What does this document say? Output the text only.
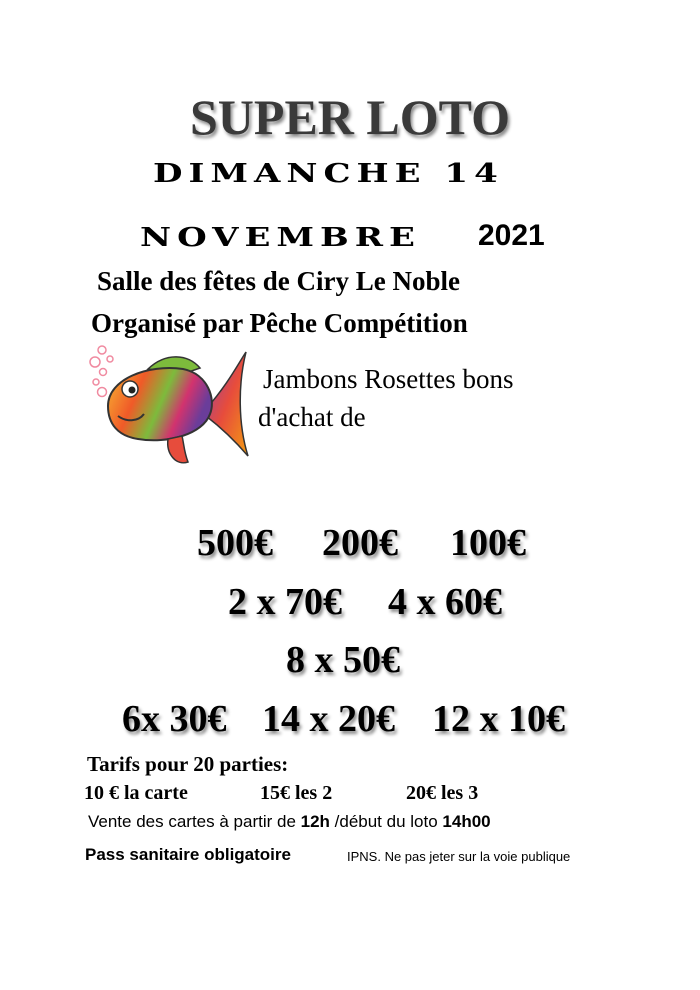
SUPER LOTO
DIMANCHE 14
NOVEMBRE 2021
Salle des fêtes de Ciry Le Noble
Organisé par Pêche Compétition
Jambons Rosettes bons
d'achat de
500€ 200€ 100€
2 x 70€ 4 x 60€
8 x 50€
6x 30€ 14 x 20€ 12 x 10€
Tarifs pour 20 parties:
10 € la carte	15€ les 2	20€ les 3
Vente des cartes à partir de 12h /début du loto 14h00
Pass sanitaire obligatoire	IPNS. Ne pas jeter sur la voie publique
